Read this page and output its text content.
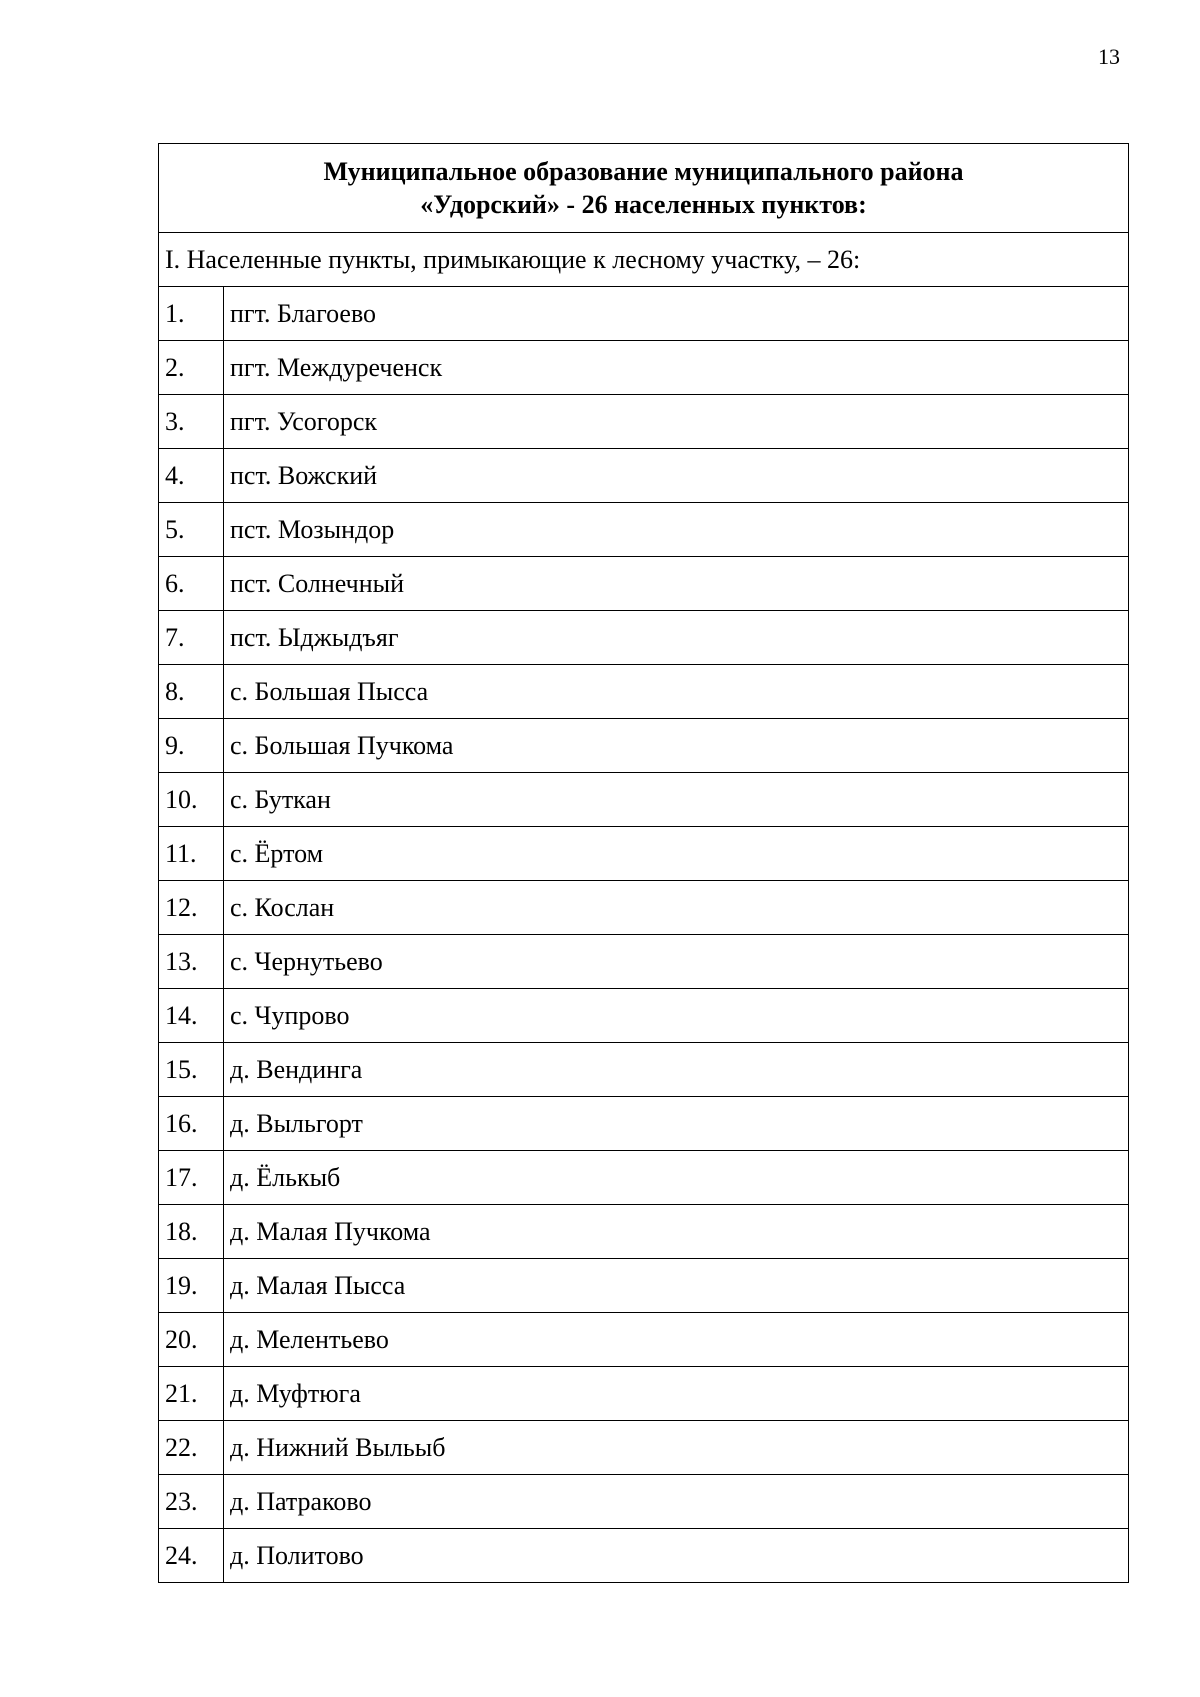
13
Муниципальное образование муниципального района
«Удорский» - 26 населенных пунктов:	

I. Населенные пункты, примыкающие к лесному участку, – 26:	
1.	пгт. Благоево
2.	пгт. Междуреченск
3.	пгт. Усогорск
4.	пст. Вожский
5.	пст. Мозындор
6.	пст. Солнечный
7.	пст. Ыджыдъяг
8.	с. Большая Пысса
9.	с. Большая Пучкома
10.	с. Буткан
11.	с. Ёртом
12.	с. Кослан
13.	с. Чернутьево
14.	с. Чупрово
15.	д. Вендинга
16.	д. Выльгорт
17.	д. Ёлькыб
18.	д. Малая Пучкома
19.	д. Малая Пысса
20.	д. Мелентьево
21.	д. Муфтюга
22.	д. Нижний Выльыб
23.	д. Патраково
24.	д. Политово
